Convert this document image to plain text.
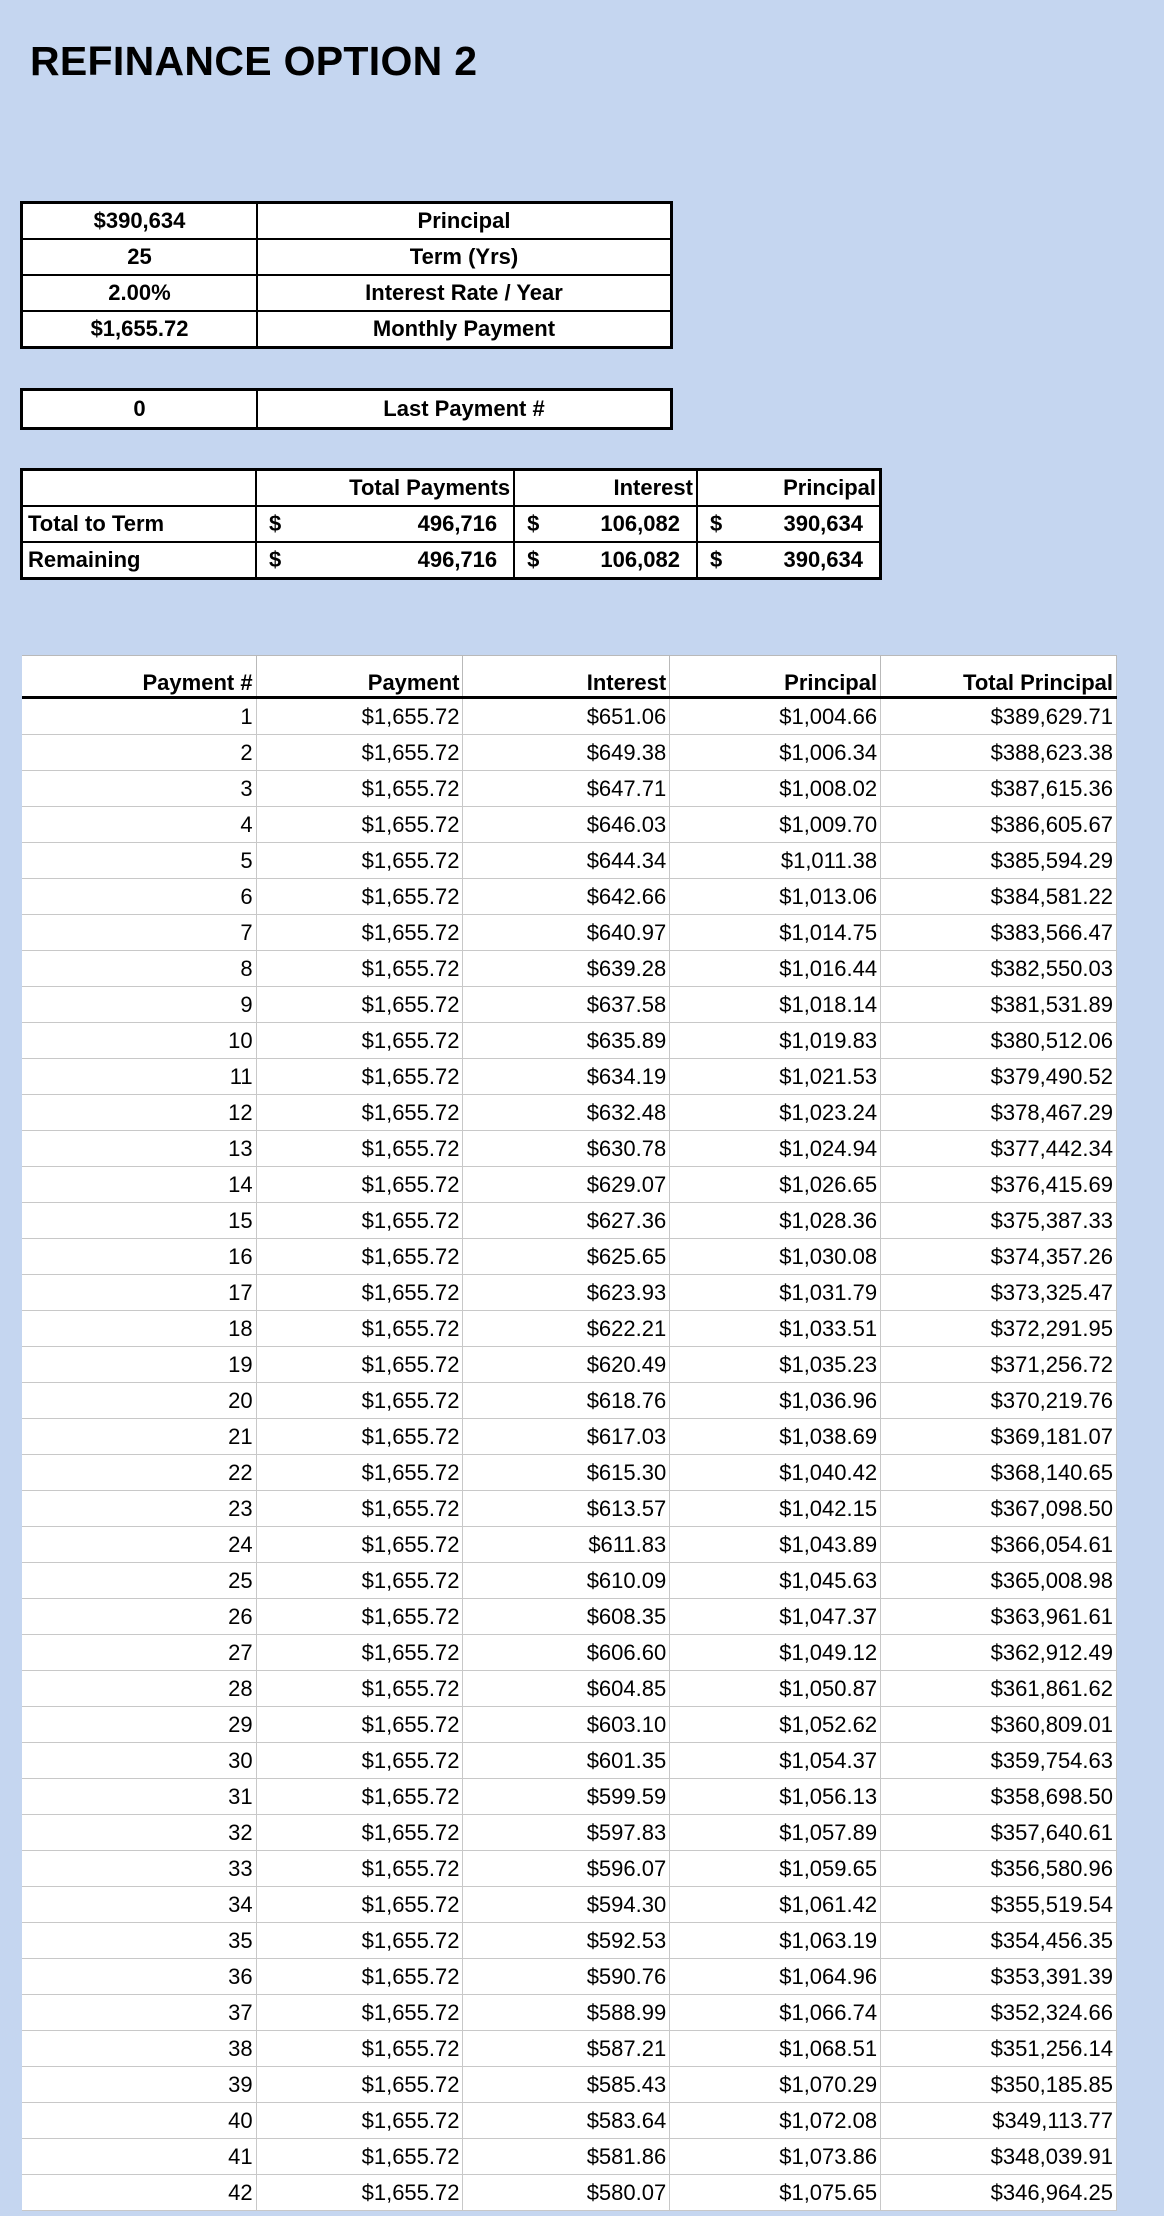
REFINANCE OPTION 2
$390,634	Principal
25	Term (Yrs)
2.00%	Interest Rate / Year
$1,655.72	Monthly Payment
0	Last Payment #
	Total Payments	Interest	Principal
Total to Term	$ 496,716	$ 106,082	$ 390,634

Remaining	$ 496,716	$ 106,082	$ 390,634
Payment #	Payment	Interest	Principal	Total Principal
1	$1,655.72	$651.06	$1,004.66	$389,629.71
2	$1,655.72	$649.38	$1,006.34	$388,623.38
3	$1,655.72	$647.71	$1,008.02	$387,615.36
4	$1,655.72	$646.03	$1,009.70	$386,605.67
5	$1,655.72	$644.34	$1,011.38	$385,594.29
6	$1,655.72	$642.66	$1,013.06	$384,581.22
7	$1,655.72	$640.97	$1,014.75	$383,566.47
8	$1,655.72	$639.28	$1,016.44	$382,550.03
9	$1,655.72	$637.58	$1,018.14	$381,531.89
10	$1,655.72	$635.89	$1,019.83	$380,512.06
11	$1,655.72	$634.19	$1,021.53	$379,490.52
12	$1,655.72	$632.48	$1,023.24	$378,467.29
13	$1,655.72	$630.78	$1,024.94	$377,442.34
14	$1,655.72	$629.07	$1,026.65	$376,415.69
15	$1,655.72	$627.36	$1,028.36	$375,387.33
16	$1,655.72	$625.65	$1,030.08	$374,357.26
17	$1,655.72	$623.93	$1,031.79	$373,325.47
18	$1,655.72	$622.21	$1,033.51	$372,291.95
19	$1,655.72	$620.49	$1,035.23	$371,256.72
20	$1,655.72	$618.76	$1,036.96	$370,219.76
21	$1,655.72	$617.03	$1,038.69	$369,181.07
22	$1,655.72	$615.30	$1,040.42	$368,140.65
23	$1,655.72	$613.57	$1,042.15	$367,098.50
24	$1,655.72	$611.83	$1,043.89	$366,054.61
25	$1,655.72	$610.09	$1,045.63	$365,008.98
26	$1,655.72	$608.35	$1,047.37	$363,961.61
27	$1,655.72	$606.60	$1,049.12	$362,912.49
28	$1,655.72	$604.85	$1,050.87	$361,861.62
29	$1,655.72	$603.10	$1,052.62	$360,809.01
30	$1,655.72	$601.35	$1,054.37	$359,754.63
31	$1,655.72	$599.59	$1,056.13	$358,698.50
32	$1,655.72	$597.83	$1,057.89	$357,640.61
33	$1,655.72	$596.07	$1,059.65	$356,580.96
34	$1,655.72	$594.30	$1,061.42	$355,519.54
35	$1,655.72	$592.53	$1,063.19	$354,456.35
36	$1,655.72	$590.76	$1,064.96	$353,391.39
37	$1,655.72	$588.99	$1,066.74	$352,324.66
38	$1,655.72	$587.21	$1,068.51	$351,256.14
39	$1,655.72	$585.43	$1,070.29	$350,185.85
40	$1,655.72	$583.64	$1,072.08	$349,113.77
41	$1,655.72	$581.86	$1,073.86	$348,039.91
42	$1,655.72	$580.07	$1,075.65	$346,964.25
